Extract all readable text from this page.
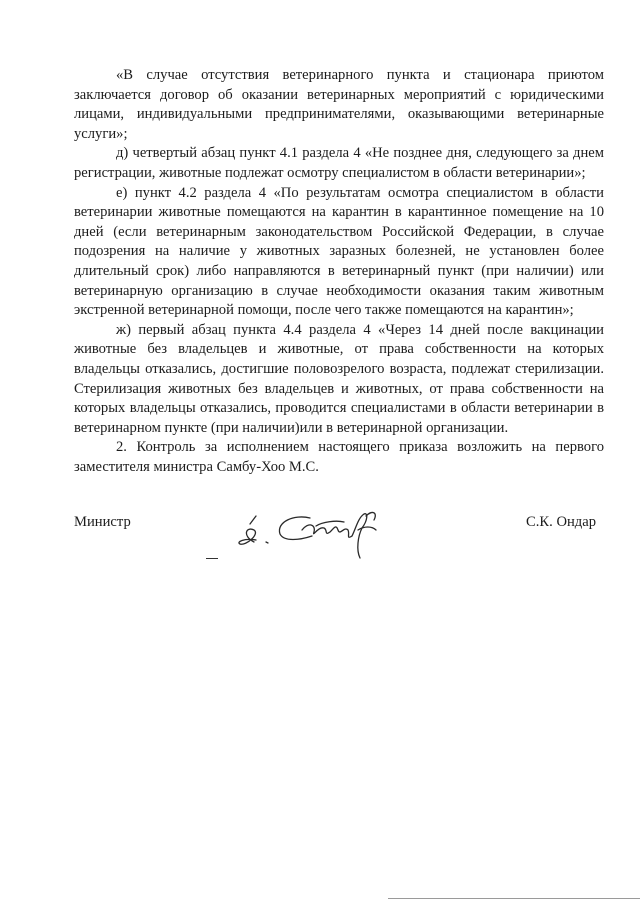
«В случае отсутствия ветеринарного пункта и стационара приютом заключается договор об оказании ветеринарных мероприятий с юридическими лицами, индивидуальными предпринимателями, оказывающими ветеринарные услуги»;

д) четвертый абзац пункт 4.1 раздела 4 «Не позднее дня, следующего за днем регистрации, животные подлежат осмотру специалистом в области ветеринарии»;

е) пункт 4.2 раздела 4 «По результатам осмотра специалистом в области ветеринарии животные помещаются на карантин в карантинное помещение на 10 дней (если ветеринарным законодательством Российской Федерации, в случае подозрения на наличие у животных заразных болезней, не установлен более длительный срок) либо направляются в ветеринарный пункт (при наличии) или ветеринарную организацию в случае необходимости оказания таким животным экстренной ветеринарной помощи, после чего также помещаются на карантин»;

ж) первый абзац пункта 4.4 раздела 4 «Через 14 дней после вакцинации животные без владельцев и животные, от права собственности на которых владельцы отказались, достигшие половозрелого возраста, подлежат стерилизации. Стерилизация животных без владельцев и животных, от права собственности на которых владельцы отказались, проводится специалистами в области ветеринарии в ветеринарном пункте (при наличии)или в ветеринарной организации.

2. Контроль за исполнением настоящего приказа возложить на первого заместителя министра Самбу-Хоо М.С.

Министр	С.К. Ондар
